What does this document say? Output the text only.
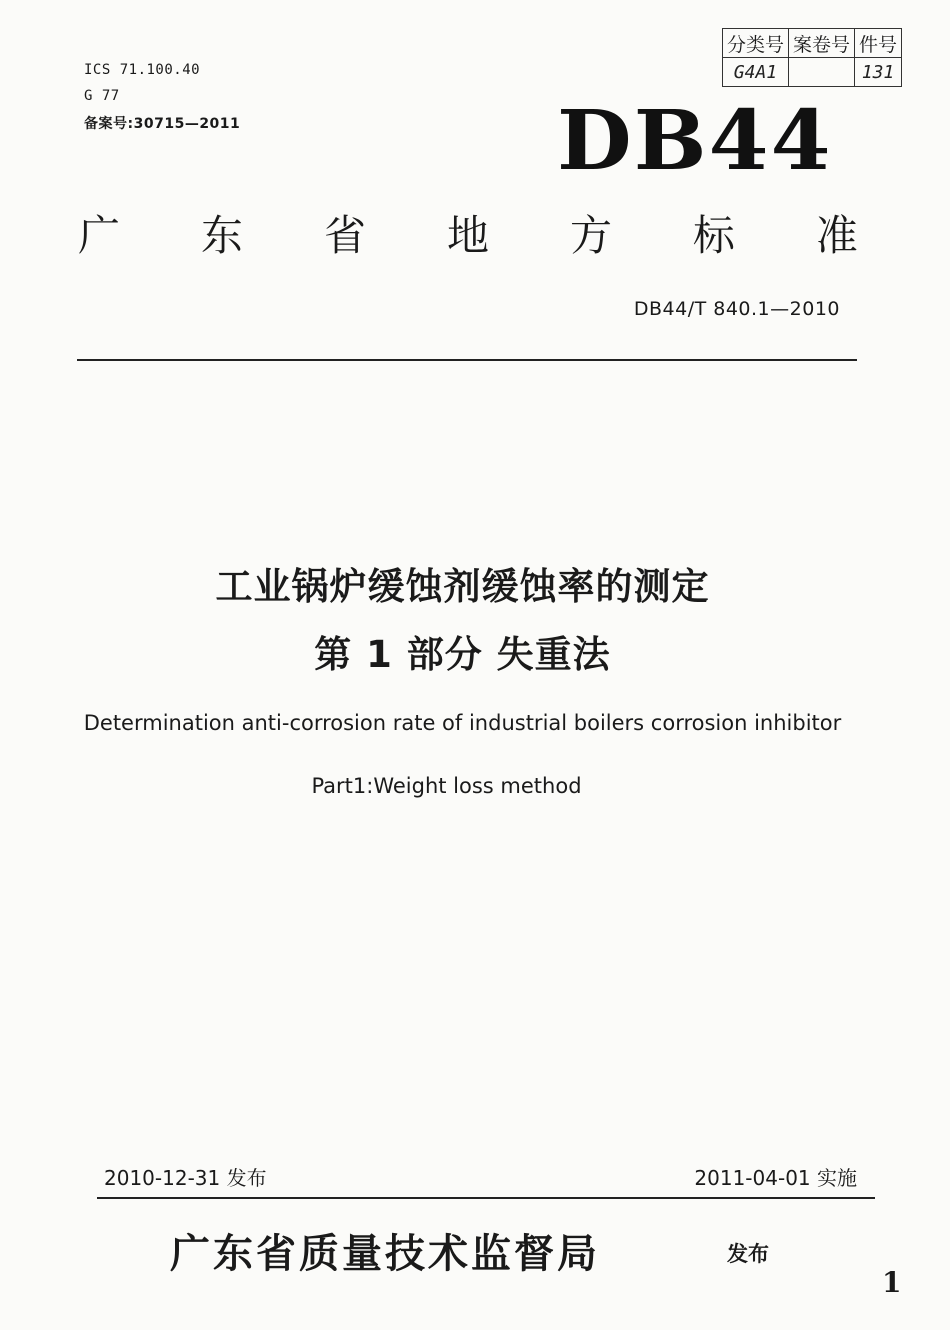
ICS 71.100.40
G 77
备案号:30715—2011
分类号	案卷号	件号
G4A1		131
DB44
广 东 省 地 方 标 准
DB44/T 840.1—2010
工业锅炉缓蚀剂缓蚀率的测定
第 1 部分 失重法
Determination anti-corrosion rate of industrial boilers corrosion inhibitor
Part1:Weight loss method
2010-12-31 发布	2011-04-01 实施
广东省质量技术监督局	发布
1
